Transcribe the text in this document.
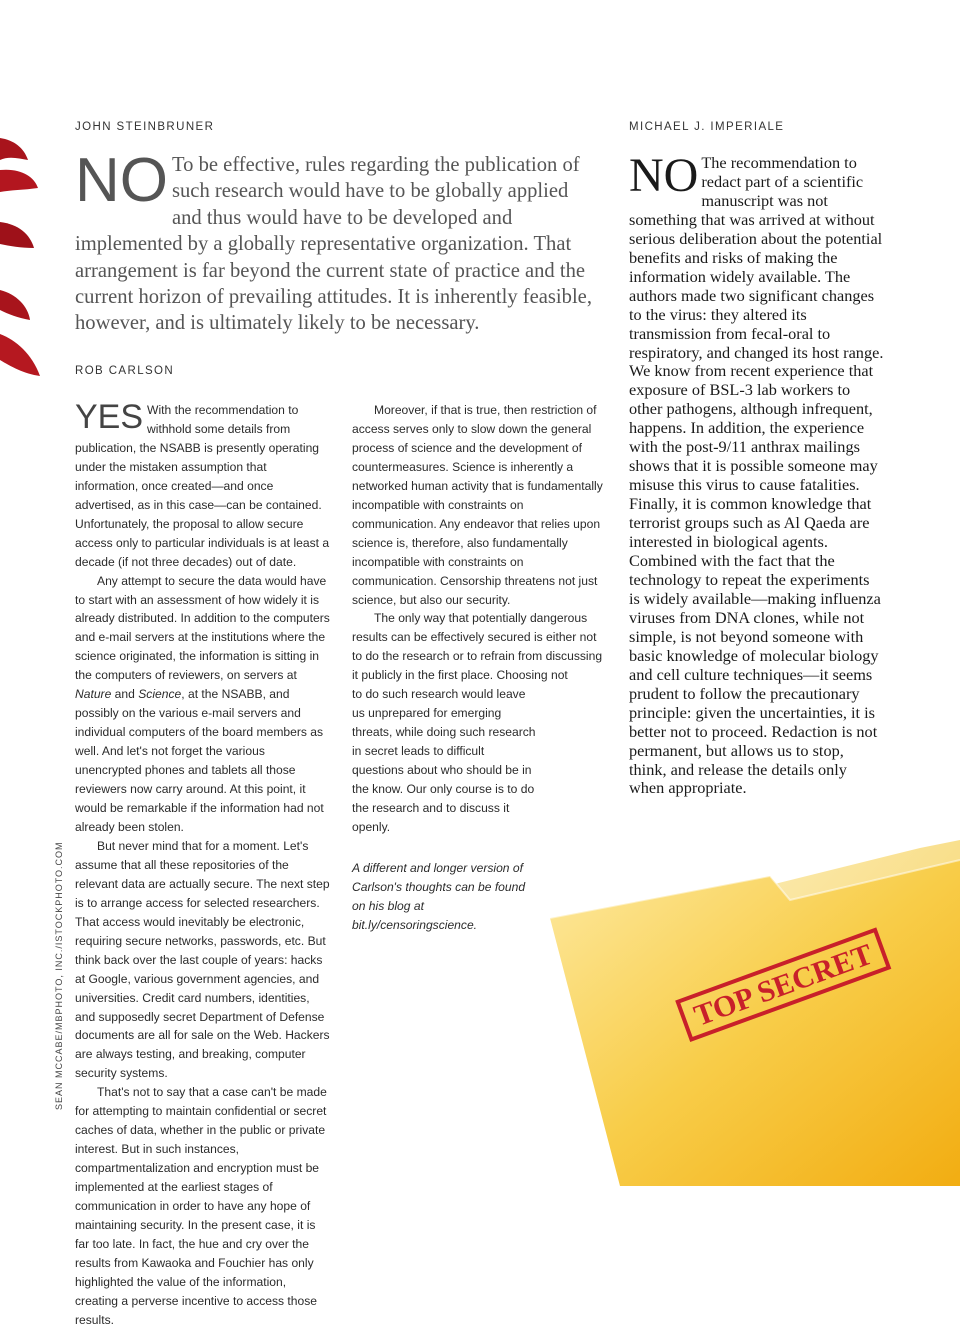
TOP SECRET
JOHN STEINBRUNER	MICHAEL J. IMPERIALE

NO To be effective, rules regarding the publication of such research would have to be globally applied and thus would have to be developed and implemented by a globally representative organization. That arrangement is far beyond the current state of practice and the current horizon of prevailing attitudes. It is inherently feasible, however, and is ultimately likely to be necessary.

NO The recommendation to redact part of a scientific manuscript was not something that was arrived at without serious deliberation about the potential benefits and risks of making the information widely available. The authors made two significant changes to the virus: they altered its transmission from fecal-oral to respiratory, and changed its host range. We know from recent experience that exposure of BSL-3 lab workers to other pathogens, although infrequent, happens. In addition, the experience with the post-9/11 anthrax mailings shows that it is possible someone may misuse this virus to cause fatalities. Finally, it is common knowledge that terrorist groups such as Al Qaeda are interested in biological agents. Combined with the fact that the technology to repeat the experiments is widely available—making influenza viruses from DNA clones, while not simple, is not beyond someone with basic knowledge of molecular biology and cell culture techniques—it seems prudent to follow the precautionary principle: given the uncertainties, it is better not to proceed. Redaction is not permanent, but allows us to stop, think, and release the details only when appropriate.

ROB CARLSON

YES With the recommendation to withhold some details from publication, the NSABB is presently operating under the mistaken assumption that information, once created—and once advertised, as in this case—can be contained. Unfortunately, the proposal to allow secure access only to particular individuals is at least a decade (if not three decades) out of date.

Any attempt to secure the data would have to start with an assessment of how widely it is already distributed. In addition to the computers and e-mail servers at the institutions where the science originated, the information is sitting in the computers of reviewers, on servers at Nature and Science, at the NSABB, and possibly on the various e-mail servers and individual computers of the board members as well. And let's not forget the various unencrypted phones and tablets all those reviewers now carry around. At this point, it would be remarkable if the information had not already been stolen.

But never mind that for a moment. Let's assume that all these repositories of the relevant data are actually secure. The next step is to arrange access for selected researchers. That access would inevitably be electronic, requiring secure networks, passwords, etc. But think back over the last couple of years: hacks at Google, various government agencies, and universities. Credit card numbers, identities, and supposedly secret Department of Defense documents are all for sale on the Web. Hackers are always testing, and breaking, computer security systems.

That's not to say that a case can't be made for attempting to maintain confidential or secret caches of data, whether in the public or private interest. But in such instances, compartmentalization and encryption must be implemented at the earliest stages of communication in order to have any hope of maintaining security. In the present case, it is far too late. In fact, the hue and cry over the results from Kawaoka and Fouchier has only highlighted the value of the information, creating a perverse incentive to access those results.

Moreover, if that is true, then restriction of access serves only to slow down the general process of science and the development of countermeasures. Science is inherently a networked human activity that is fundamentally incompatible with constraints on communication. Any endeavor that relies upon science is, therefore, also fundamentally incompatible with constraints on communication. Censorship threatens not just science, but also our security.

The only way that potentially dangerous results can be effectively secured is either not to do the research or to refrain from discussing it publicly in the first place. Choosing not

to do such research would leave us unprepared for emerging threats, while doing such research in secret leads to difficult questions about who should be in the know. Our only course is to do the research and to discuss it openly.

A different and longer version of Carlson's thoughts can be found on his blog at bit.ly/censoringscience.

SEAN MCCABE/MBPHOTO, INC./ISTOCKPHOTO.COM
